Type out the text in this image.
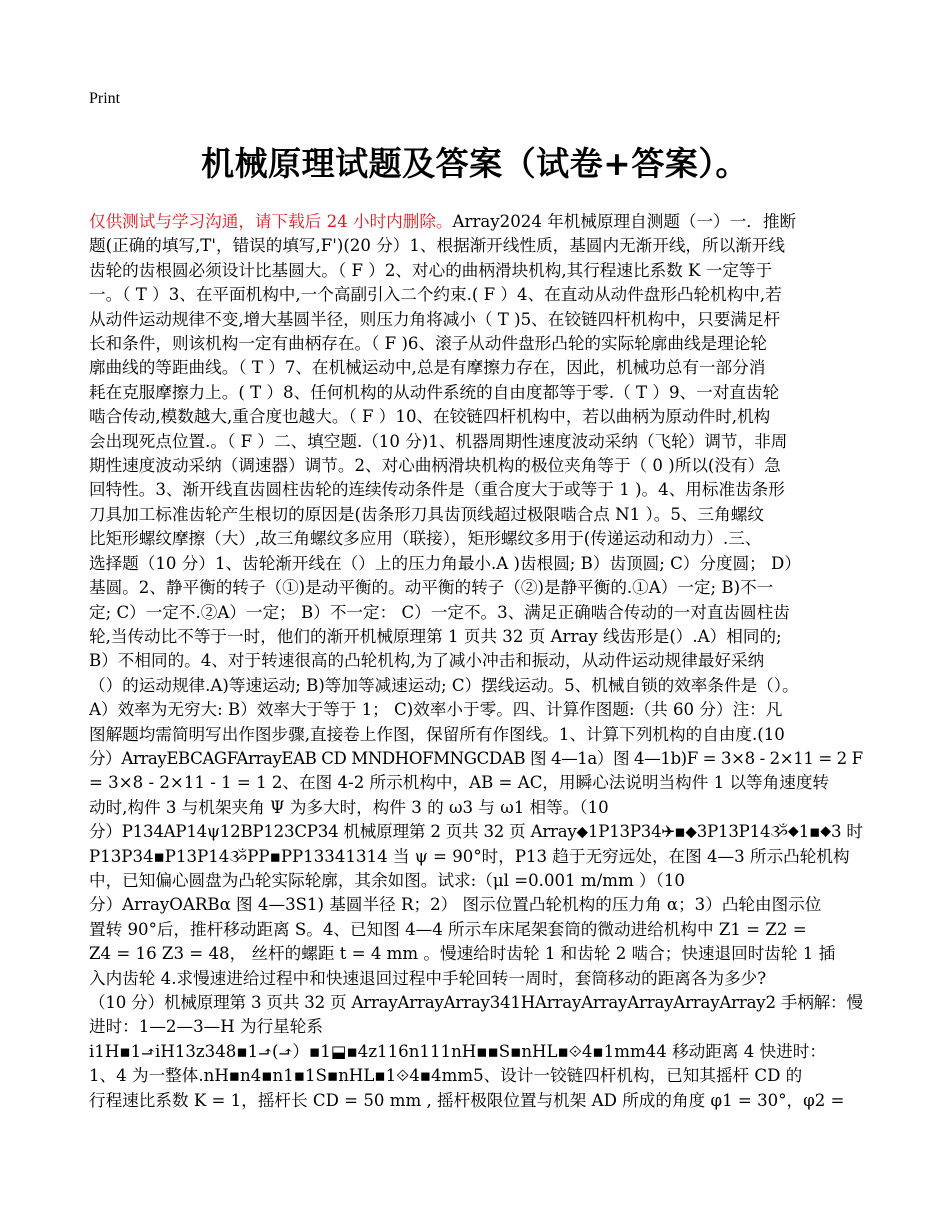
Print
机械原理试题及答案（试卷+答案）。
仅供测试与学习沟通，请下载后 24 小时内删除。Array2024 年机械原理自测题（一）一．推断
题(正确的填写,T'，错误的填写,F')(20 分）1、根据渐开线性质，基圆内无渐开线，所以渐开线
齿轮的齿根圆必须设计比基圆大。（ F ）2、对心的曲柄滑块机构,其行程速比系数 K 一定等于
一。（ T ）3、在平面机构中,一个高副引入二个约束.( F ）4、在直动从动件盘形凸轮机构中,若
从动件运动规律不变,增大基圆半径，则压力角将减小（ T )5、在铰链四杆机构中，只要满足杆
长和条件，则该机构一定有曲柄存在。（ F )6、滚子从动件盘形凸轮的实际轮廓曲线是理论轮
廓曲线的等距曲线。（ T ）7、在机械运动中,总是有摩擦力存在，因此，机械功总有一部分消
耗在克服摩擦力上。( T ）8、任何机构的从动件系统的自由度都等于零.（ T ）9、一对直齿轮
啮合传动,模数越大,重合度也越大。（ F ）10、在铰链四杆机构中，若以曲柄为原动件时,机构
会出现死点位置.。（ F ）二、填空题.（10 分)1、机器周期性速度波动采纳（飞轮）调节，非周
期性速度波动采纳（调速器）调节。2、对心曲柄滑块机构的极位夹角等于（ 0 )所以(没有）急
回特性。3、渐开线直齿圆柱齿轮的连续传动条件是（重合度大于或等于 1 )。4、用标准齿条形
刀具加工标准齿轮产生根切的原因是(齿条形刀具齿顶线超过极限啮合点 N1 ）。5、三角螺纹
比矩形螺纹摩擦（大）,故三角螺纹多应用（联接），矩形螺纹多用于(传递运动和动力）.三、
选择题（10 分）1、齿轮渐开线在（）上的压力角最小.A )齿根圆; B）齿顶圆; C）分度圆； D）
基圆。2、静平衡的转子（①)是动平衡的。动平衡的转子（②)是静平衡的.①A）一定; B)不一
定; C）一定不.②A）一定； B）不一定： C）一定不。3、满足正确啮合传动的一对直齿圆柱齿
轮,当传动比不等于一时，他们的渐开机械原理第 1 页共 32 页 Array 线齿形是(）.A）相同的;
B）不相同的。4、对于转速很高的凸轮机构,为了减小冲击和振动，从动件运动规律最好采纳
（）的运动规律.A)等速运动; B)等加等减速运动; C）摆线运动。5、机械自锁的效率条件是（）。
A）效率为无穷大: B）效率大于等于 1； C)效率小于零。四、计算作图题:（共 60 分）注：凡
图解题均需简明写出作图步骤,直接卷上作图，保留所有作图线。1、计算下列机构的自由度.(10
分）ArrayEBCAGFArrayEAB CD MNDHOFMNGCDAB 图 4—1a）图 4—1b)F = 3×8 - 2×11 = 2 F
= 3×8 - 2×11 - 1 = 1 2、在图 4-2 所示机构中，AB = AC，用瞬心法说明当构件 1 以等角速度转
动时,构件 3 与机架夹角 Ψ 为多大时，构件 3 的 ω3 与 ω1 相等。（10
分）P134AP14ψ12BP123CP34 机械原理第 2 页共 32 页 Array⬥1P13P34✈▪⬥3P13P14ૐ⬥1▪⬥3 时
P13P34▪P13P14ૐPP▪PP13341314 当 ψ = 90°时，P13 趋于无穷远处，在图 4—3 所示凸轮机构
中，已知偏心圆盘为凸轮实际轮廓，其余如图。试求:（μl =0.001 m/mm ）（10
分）ArrayOARBα 图 4—3S1) 基圆半径 R；2） 图示位置凸轮机构的压力角 α；3）凸轮由图示位
置转 90°后，推杆移动距离 S。4、已知图 4—4 所示车床尾架套筒的微动进给机构中 Z1 = Z2 =
Z4 = 16 Z3 = 48， 丝杆的螺距 t = 4 mm 。慢速给时齿轮 1 和齿轮 2 啮合；快速退回时齿轮 1 插
入内齿轮 4.求慢速进给过程中和快速退回过程中手轮回转一周时，套筒移动的距离各为多少?
（10 分）机械原理第 3 页共 32 页 ArrayArrayArray341HArrayArrayArrayArrayArray2 手柄解：慢
进时：1—2—3—H 为行星轮系
i1H▪1⬏iH13z348▪1⬏(⬏）▪1⬓▪4z116n111nH▪▪S▪nHL▪⟐4▪1mm44 移动距离 4 快进时：
1、4 为一整体.nH▪n4▪n1▪1S▪nHL▪1⟐4▪4mm5、设计一铰链四杆机构，已知其摇杆 CD 的
行程速比系数 K = 1，摇杆长 CD = 50 mm , 摇杆极限位置与机架 AD 所成的角度 φ1 = 30°，φ2 =
